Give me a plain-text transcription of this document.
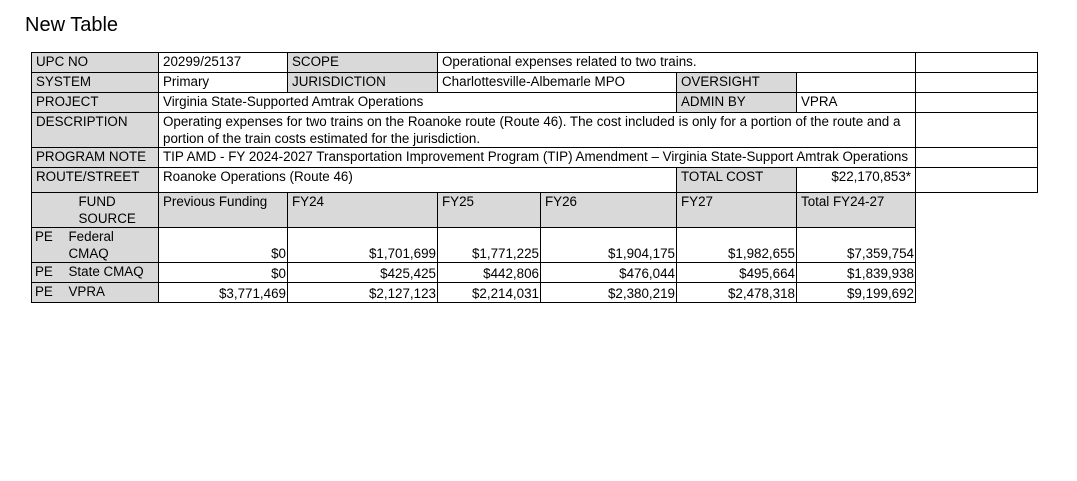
New Table
UPC NO		20299/25137	SCOPE	Operational expenses related to two trains.				
SYSTEM		Primary	JURISDICTION	Charlottesville-Albemarle MPO		OVERSIGHT		
PROJECT		Virginia State-Supported Amtrak Operations				ADMIN BY	VPRA	
DESCRIPTION		Operating expenses for two trains on the Roanoke route (Route 46). The cost included is only for a portion of the route and a portion of the train costs estimated for the jurisdiction.						
PROGRAM NOTE		TIP AMD - FY 2024-2027 Transportation Improvement Program (TIP) Amendment – Virginia State-Support Amtrak Operations						
ROUTE/STREET		Roanoke Operations (Route 46)				TOTAL COST	$22,170,853*	
	FUND SOURCE	Previous Funding	FY24	FY25	FY26	FY27	Total FY24-27	
PE	Federal CMAQ	$0	$1,701,699	$1,771,225	$1,904,175	$1,982,655	$7,359,754	
PE	State CMAQ	$0	$425,425	$442,806	$476,044	$495,664	$1,839,938	
PE	VPRA	$3,771,469	$2,127,123	$2,214,031	$2,380,219	$2,478,318	$9,199,692	
